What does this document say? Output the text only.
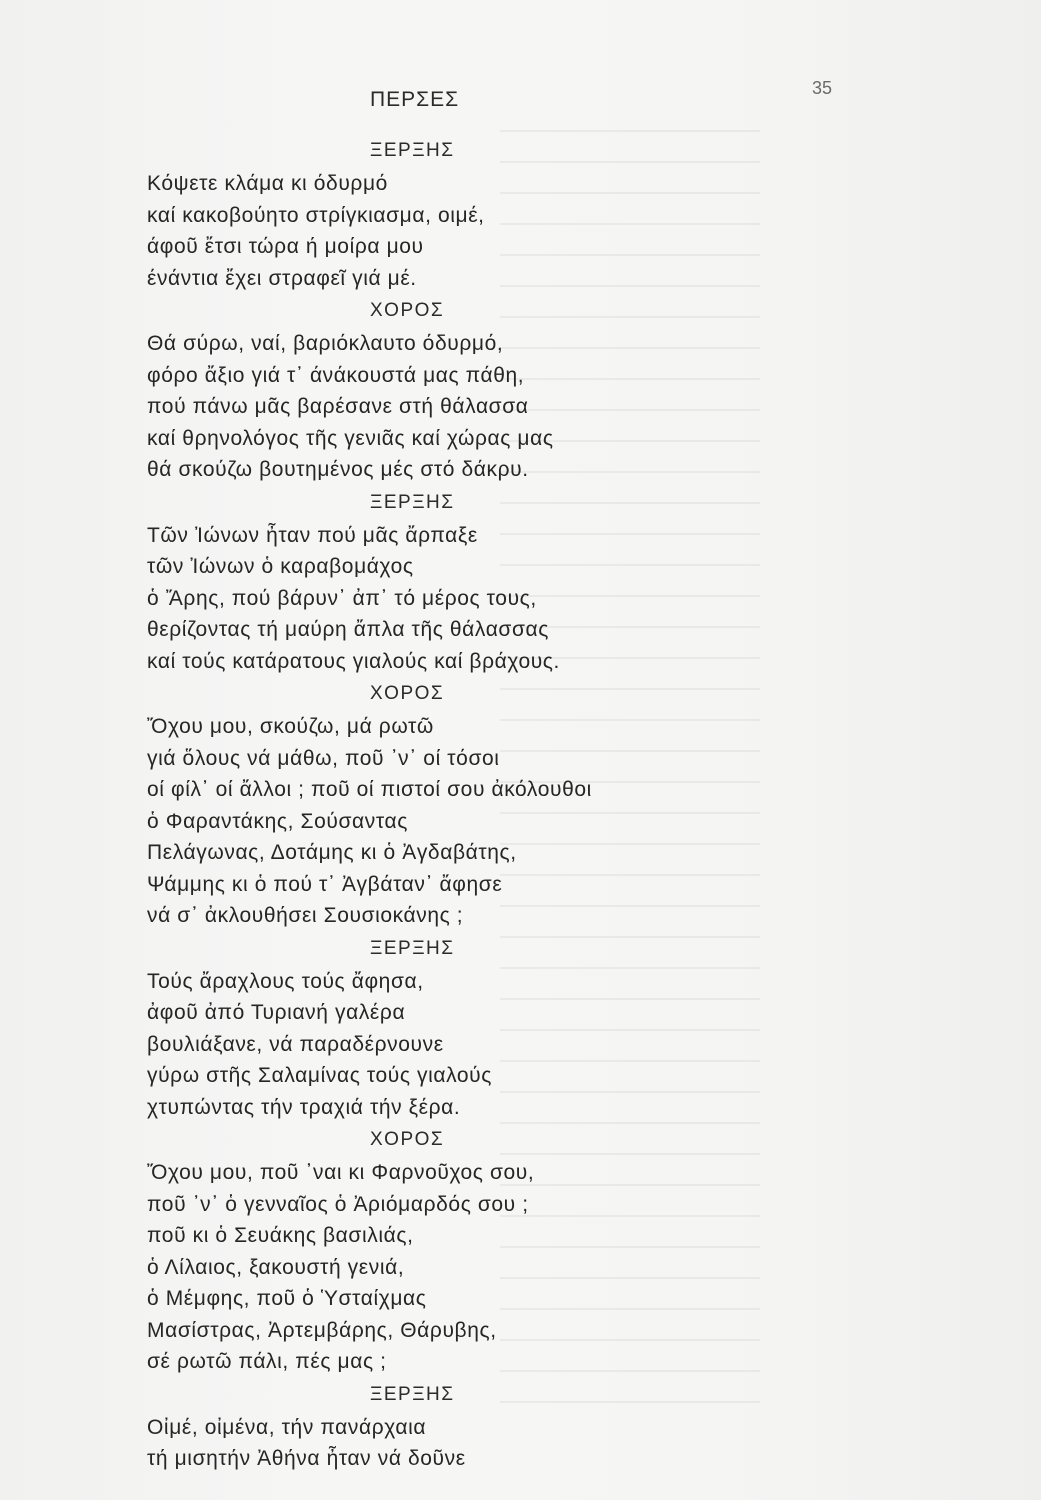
ΠΕΡΣΕΣ	35
ΞΕΡΞΗΣ
Κόψετε κλάμα κι όδυρμό
καί κακοβούητο στρίγκιασμα, οιμέ,
άφοῦ ἔτσι τώρα ή μοίρα μου
ένάντια ἔχει στραφεῖ γιά μέ.
ΧΟΡΟΣ
Θά σύρω, ναί, βαριόκλαυτο όδυρμό,
φόρο ἄξιο γιά τ᾽ άνάκουστά μας πάθη,
πού πάνω μᾶς βαρέσανε στή θάλασσα
καί θρηνολόγος τῆς γενιᾶς καί χώρας μας
θά σκούζω βουτημένος μές στό δάκρυ.
ΞΕΡΞΗΣ
Τῶν Ἰώνων ἦταν πού μᾶς ἄρπαξε
τῶν Ἰώνων ὁ καραβομάχος
ὁ Ἄρης, πού βάρυν᾽ ἀπ᾽ τό μέρος τους,
θερίζοντας τή μαύρη ἄπλα τῆς θάλασσας
καί τούς κατάρατους γιαλούς καί βράχους.
ΧΟΡΟΣ
Ὄχου μου, σκούζω, μά ρωτῶ
γιά ὅλους νά μάθω, ποῦ ᾽ν᾽ οί τόσοι
οί φίλ᾽ οί ἄλλοι ; ποῦ οί πιστοί σου ἀκόλουθοι
ὁ Φαραντάκης, Σούσαντας
Πελάγωνας, Δοτάμης κι ὁ Ἀγδαβάτης,
Ψάμμης κι ὁ πού τ᾽ Ἀγβάταν᾽ ἄφησε
νά σ᾽ ἀκλουθήσει Σουσιοκάνης ;
ΞΕΡΞΗΣ
Τούς ἄραχλους τούς ἄφησα,
ἀφοῦ ἀπό Τυριανή γαλέρα
βουλιάξανε, νά παραδέρνουνε
γύρω στῆς Σαλαμίνας τούς γιαλούς
χτυπώντας τήν τραχιά τήν ξέρα.
ΧΟΡΟΣ
Ὄχου μου, ποῦ ᾽ναι κι Φαρνοῦχος σου,
ποῦ ᾽ν᾽ ὁ γενναῖος ὁ Ἀριόμαρδός σου ;
ποῦ κι ὁ Σευάκης βασιλιάς,
ὁ Λίλαιος, ξακουστή γενιά,
ὁ Μέμφης, ποῦ ὁ Ὑσταίχμας
Μασίστρας, Ἀρτεμβάρης, Θάρυβης,
σέ ρωτῶ πάλι, πές μας ;
ΞΕΡΞΗΣ
Οἰμέ, οἰμένα, τήν πανάρχαια
τή μισητήν Ἀθήνα ἦταν νά δοῦνε
